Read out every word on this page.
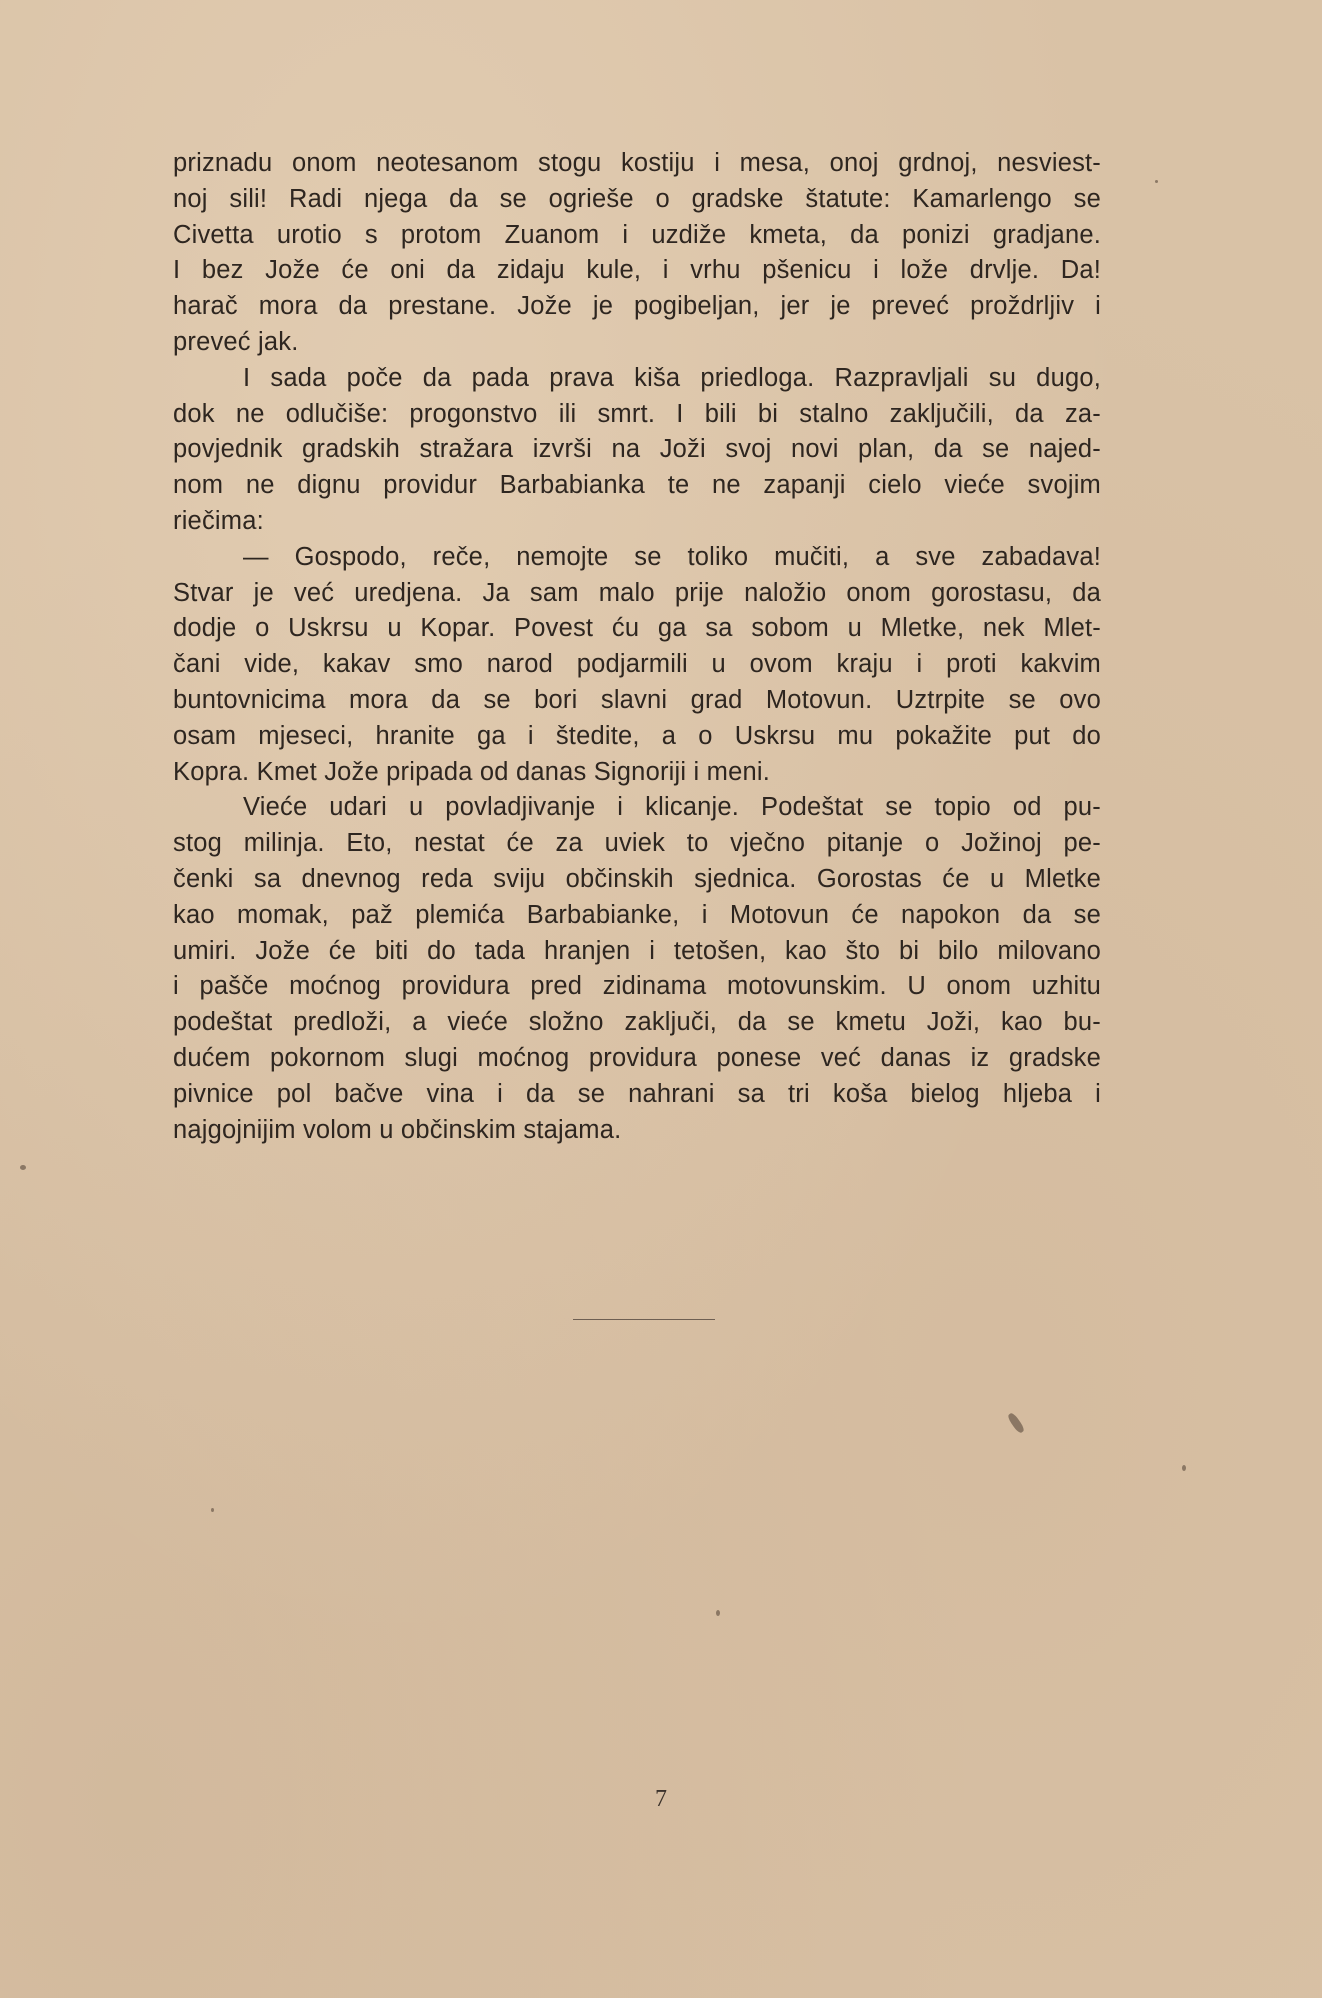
priznadu onom neotesanom stogu kostiju i mesa, onoj grdnoj, nesviest-
noj sili! Radi njega da se ogrieše o gradske štatute: Kamarlengo se
Civetta urotio s protom Zuanom i uzdiže kmeta, da ponizi gradjane.
I bez Jože će oni da zidaju kule, i vrhu pšenicu i lože drvlje. Da!
harač mora da prestane. Jože je pogibeljan, jer je preveć proždrljiv i
preveć jak.
I sada poče da pada prava kiša priedloga. Razpravljali su dugo,
dok ne odlučiše: progonstvo ili smrt. I bili bi stalno zaključili, da za-
povjednik gradskih stražara izvrši na Joži svoj novi plan, da se najed-
nom ne dignu providur Barbabianka te ne zapanji cielo vieće svojim
riečima:
— Gospodo, reče, nemojte se toliko mučiti, a sve zabadava!
Stvar je već uredjena. Ja sam malo prije naložio onom gorostasu, da
dodje o Uskrsu u Kopar. Povest ću ga sa sobom u Mletke, nek Mlet-
čani vide, kakav smo narod podjarmili u ovom kraju i proti kakvim
buntovnicima mora da se bori slavni grad Motovun. Uztrpite se ovo
osam mjeseci, hranite ga i štedite, a o Uskrsu mu pokažite put do
Kopra. Kmet Jože pripada od danas Signoriji i meni.
Vieće udari u povladjivanje i klicanje. Podeštat se topio od pu-
stog milinja. Eto, nestat će za uviek to vječno pitanje o Jožinoj pe-
čenki sa dnevnog reda sviju občinskih sjednica. Gorostas će u Mletke
kao momak, paž plemića Barbabianke, i Motovun će napokon da se
umiri. Jože će biti do tada hranjen i tetošen, kao što bi bilo milovano
i pašče moćnog providura pred zidinama motovunskim. U onom uzhitu
podeštat predloži, a vieće složno zaključi, da se kmetu Joži, kao bu-
dućem pokornom slugi moćnog providura ponese već danas iz gradske
pivnice pol bačve vina i da se nahrani sa tri koša bielog hljeba i
najgojnijim volom u občinskim stajama.
7
